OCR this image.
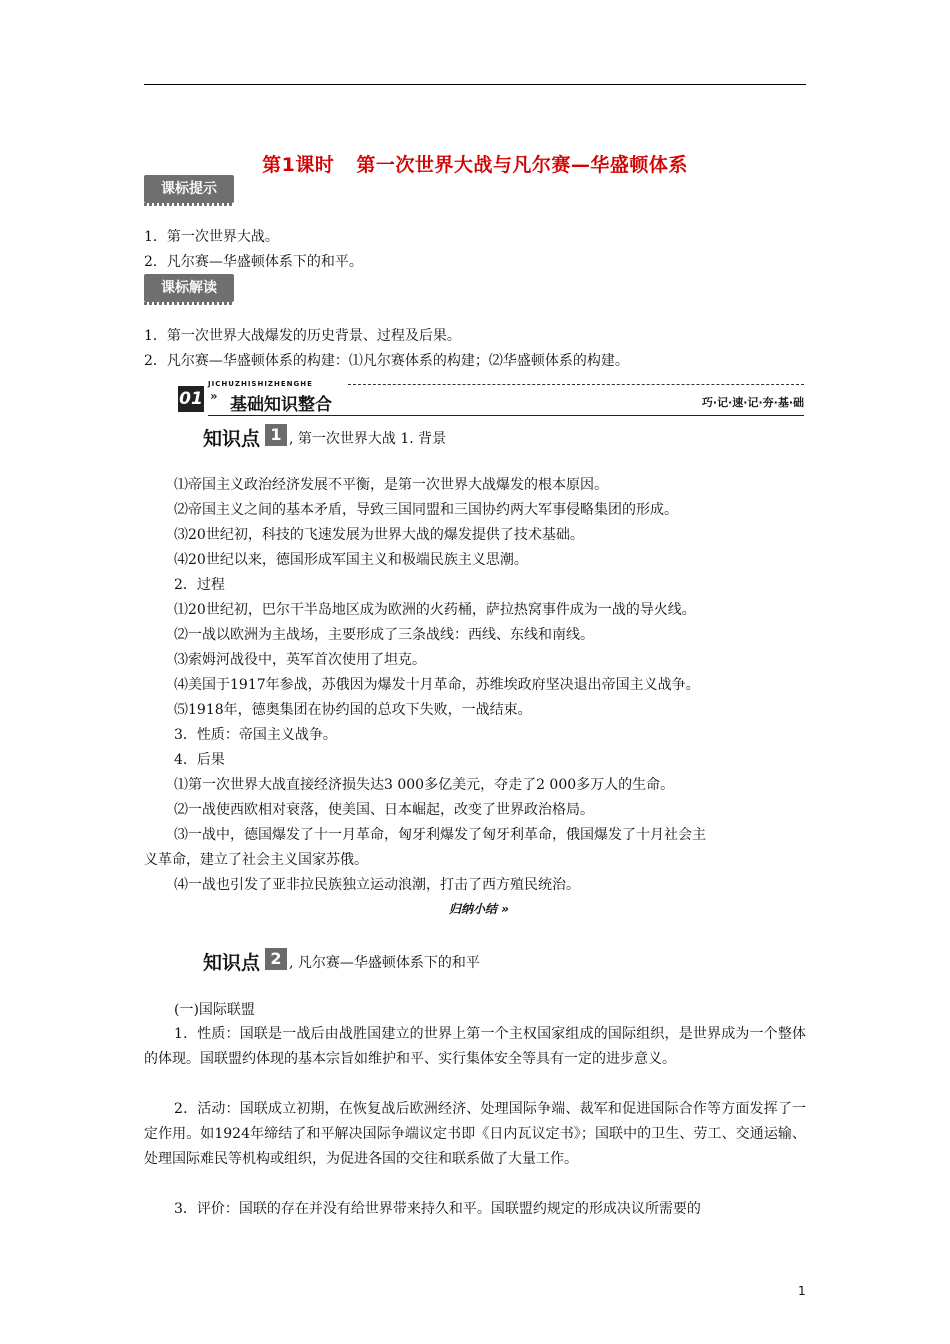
第1课时 第一次世界大战与凡尔赛—华盛顿体系
课标提示
1．第一次世界大战。
2．凡尔赛—华盛顿体系下的和平。
课标解读
1．第一次世界大战爆发的历史背景、过程及后果。
2．凡尔赛—华盛顿体系的构建：⑴凡尔赛体系的构建；⑵华盛顿体系的构建。
JICHUZHISHIZHENGHE
01 » 基础知识整合	巧·记·速·记·夯·基·础
知识点 1 , 第一次世界大战 1. 背景
⑴帝国主义政治经济发展不平衡，是第一次世界大战爆发的根本原因。
⑵帝国主义之间的基本矛盾，导致三国同盟和三国协约两大军事侵略集团的形成。
⑶20世纪初，科技的飞速发展为世界大战的爆发提供了技术基础。
⑷20世纪以来，德国形成军国主义和极端民族主义思潮。
2．过程
⑴20世纪初，巴尔干半岛地区成为欧洲的火药桶，萨拉热窝事件成为一战的导火线。
⑵一战以欧洲为主战场，主要形成了三条战线：西线、东线和南线。
⑶索姆河战役中，英军首次使用了坦克。
⑷美国于1917年参战，苏俄因为爆发十月革命，苏维埃政府坚决退出帝国主义战争。
⑸1918年，德奥集团在协约国的总攻下失败，一战结束。
3．性质：帝国主义战争。
4．后果
⑴第一次世界大战直接经济损失达3 000多亿美元，夺走了2 000多万人的生命。
⑵一战使西欧相对衰落，使美国、日本崛起，改变了世界政治格局。
⑶一战中，德国爆发了十一月革命，匈牙利爆发了匈牙利革命，俄国爆发了十月社会主
义革命，建立了社会主义国家苏俄。
⑷一战也引发了亚非拉民族独立运动浪潮，打击了西方殖民统治。
归纳小结 »
知识点 2 , 凡尔赛—华盛顿体系下的和平
(一)国际联盟
1．性质：国联是一战后由战胜国建立的世界上第一个主权国家组成的国际组织，是世界成为一个整体的体现。国联盟约体现的基本宗旨如维护和平、实行集体安全等具有一定的进步意义。
2．活动：国联成立初期，在恢复战后欧洲经济、处理国际争端、裁军和促进国际合作等方面发挥了一定作用。如1924年缔结了和平解决国际争端议定书即《日内瓦议定书》；国联中的卫生、劳工、交通运输、处理国际难民等机构或组织，为促进各国的交往和联系做了大量工作。
3．评价：国联的存在并没有给世界带来持久和平。国联盟约规定的形成决议所需要的
1
